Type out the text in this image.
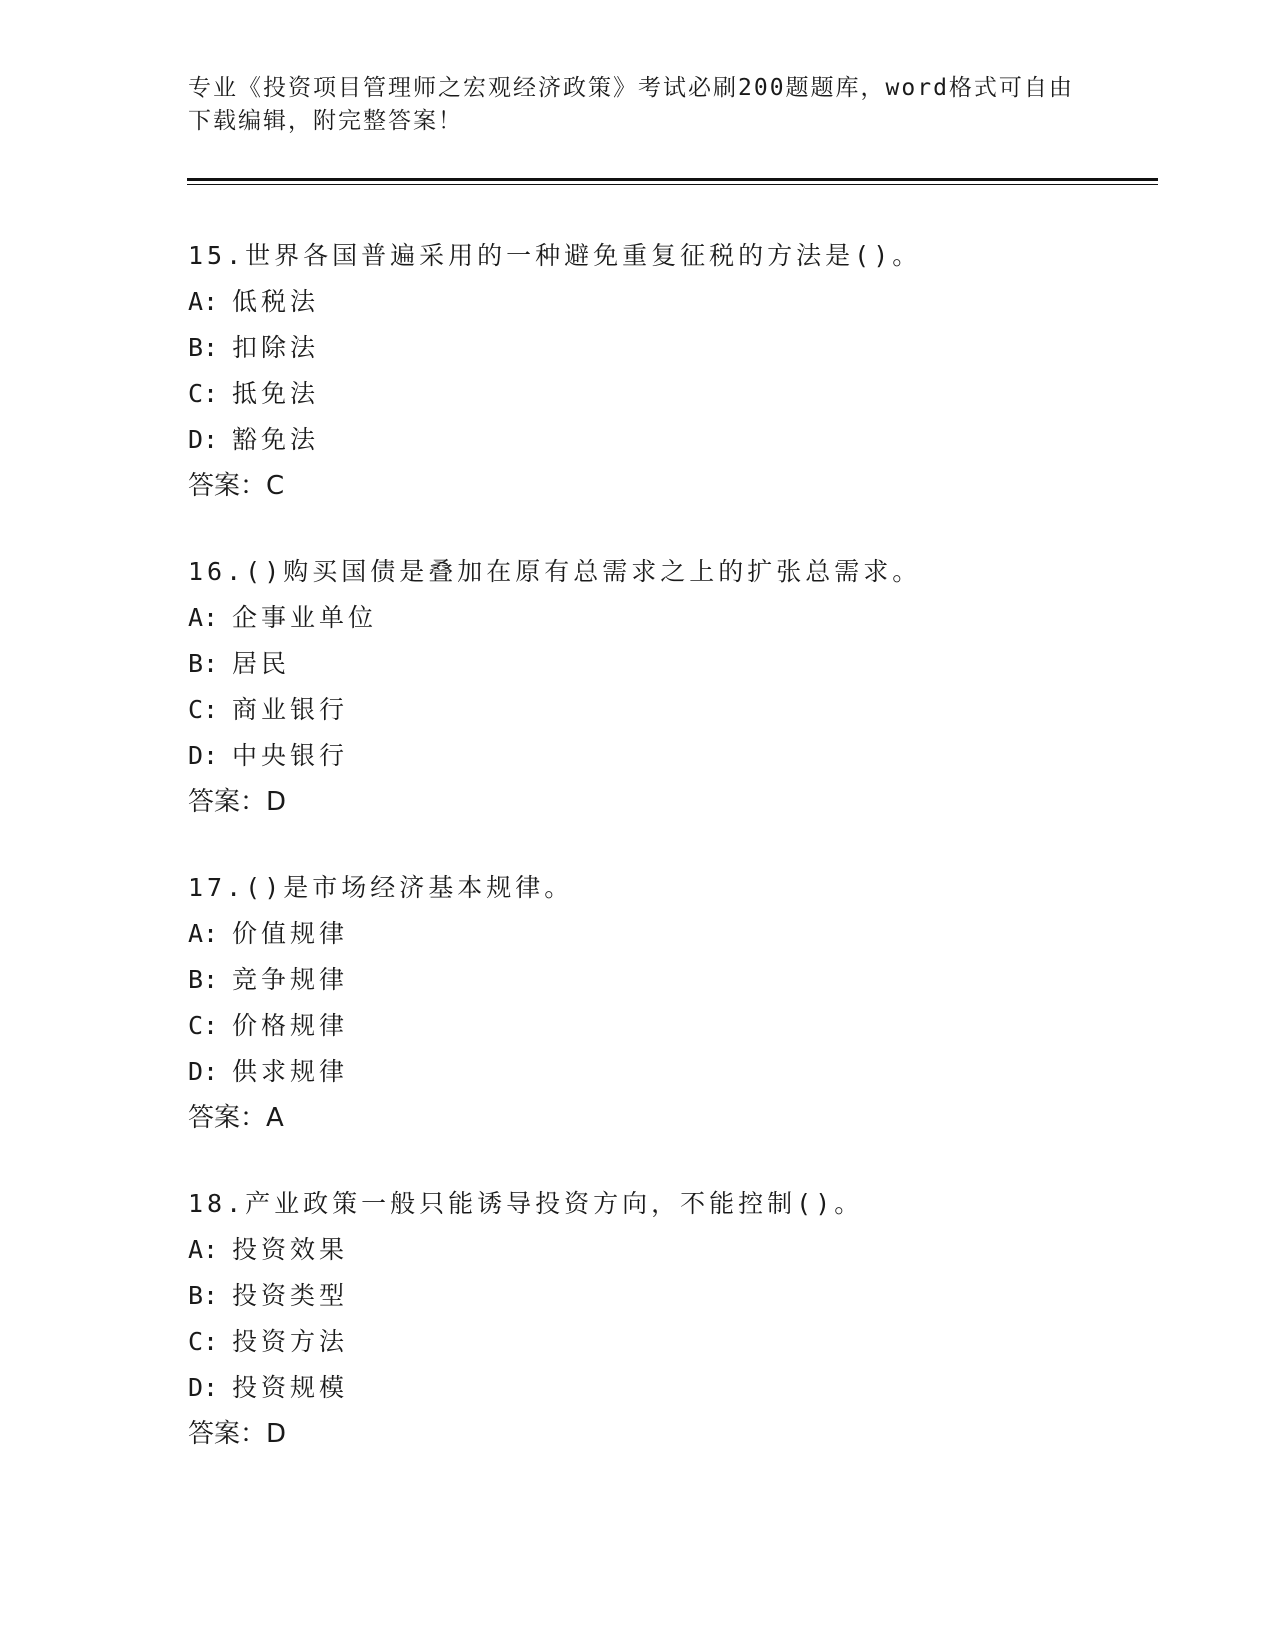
专业《投资项目管理师之宏观经济政策》考试必刷200题题库，word格式可自由
下载编辑，附完整答案！
15.世界各国普遍采用的一种避免重复征税的方法是()。
A: 低税法
B: 扣除法
C: 抵免法
D: 豁免法
答案：C
16.()购买国债是叠加在原有总需求之上的扩张总需求。
A: 企事业单位
B: 居民
C: 商业银行
D: 中央银行
答案：D
17.()是市场经济基本规律。
A: 价值规律
B: 竞争规律
C: 价格规律
D: 供求规律
答案：A
18.产业政策一般只能诱导投资方向，不能控制()。
A: 投资效果
B: 投资类型
C: 投资方法
D: 投资规模
答案：D
